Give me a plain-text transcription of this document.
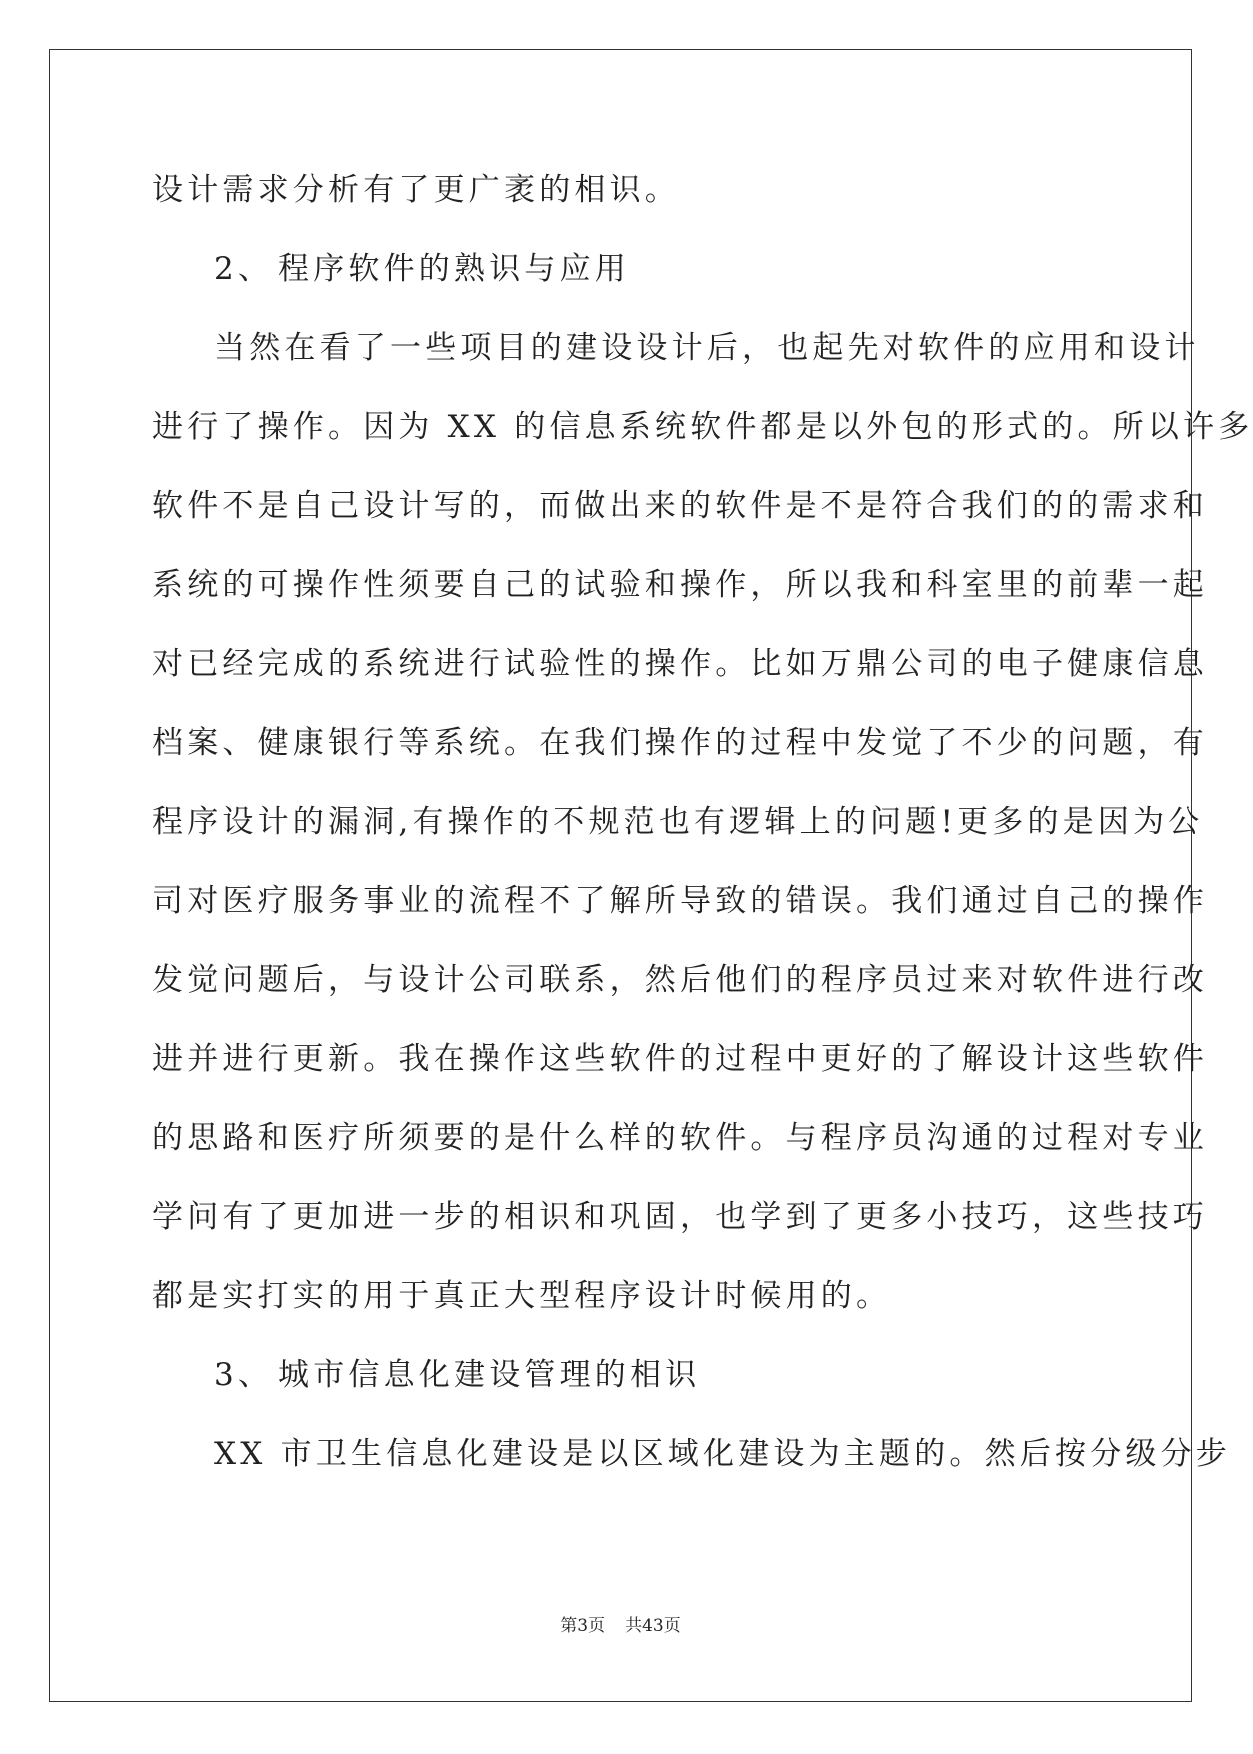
设计需求分析有了更广袤的相识。
2、 程序软件的熟识与应用
当然在看了一些项目的建设设计后，也起先对软件的应用和设计
进行了操作。因为 XX 的信息系统软件都是以外包的形式的。所以许多
软件不是自己设计写的，而做出来的软件是不是符合我们的的需求和
系统的可操作性须要自己的试验和操作，所以我和科室里的前辈一起
对已经完成的系统进行试验性的操作。比如万鼎公司的电子健康信息
档案、健康银行等系统。在我们操作的过程中发觉了不少的问题，有
程序设计的漏洞,有操作的不规范也有逻辑上的问题!更多的是因为公
司对医疗服务事业的流程不了解所导致的错误。我们通过自己的操作
发觉问题后，与设计公司联系，然后他们的程序员过来对软件进行改
进并进行更新。我在操作这些软件的过程中更好的了解设计这些软件
的思路和医疗所须要的是什么样的软件。与程序员沟通的过程对专业
学问有了更加进一步的相识和巩固，也学到了更多小技巧，这些技巧
都是实打实的用于真正大型程序设计时候用的。
3、 城市信息化建设管理的相识
XX 市卫生信息化建设是以区域化建设为主题的。然后按分级分步
第3页 共43页
